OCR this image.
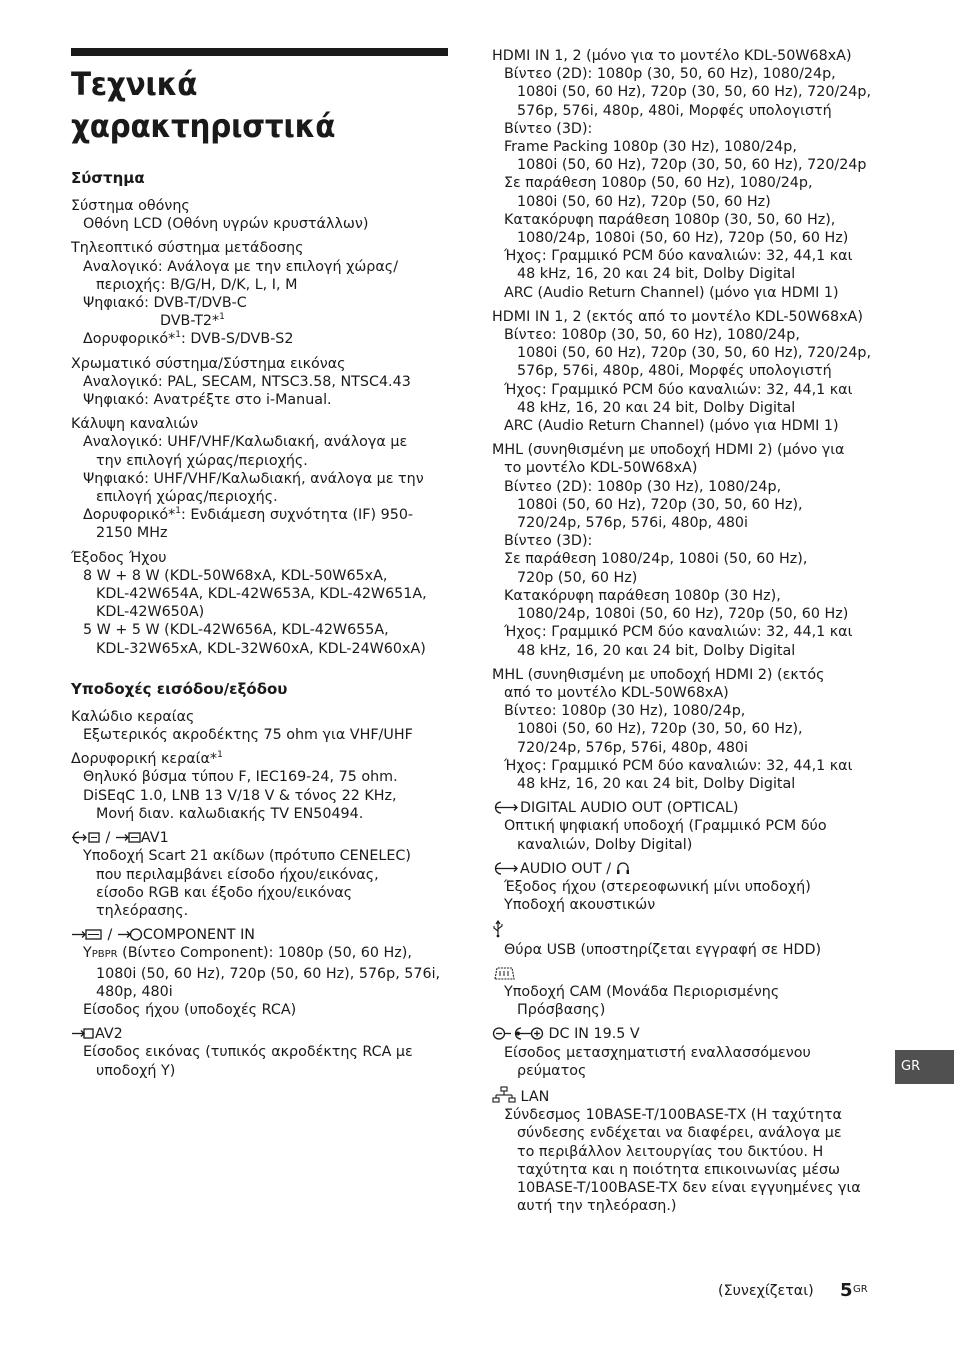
Τεχνικά
χαρακτηριστικά
Σύστημα
Σύστημα οθόνης
Οθόνη LCD (Οθόνη υγρών κρυστάλλων)
Τηλεοπτικό σύστημα μετάδοσης
Αναλογικό: Ανάλογα με την επιλογή χώρας/
περιοχής: B/G/H, D/K, L, I, M
Ψηφιακό: DVB-T/DVB-C
DVB-T2*$^1$
Δορυφορικό*$^1$: DVB-S/DVB-S2
Χρωματικό σύστημα/Σύστημα εικόνας
Αναλογικό: PAL, SECAM, NTSC3.58, NTSC4.43
Ψηφιακό: Ανατρέξτε στο i-Manual.
Κάλυψη καναλιών
Αναλογικό: UHF/VHF/Καλωδιακή, ανάλογα με
την επιλογή χώρας/περιοχής.
Ψηφιακό: UHF/VHF/Καλωδιακή, ανάλογα με την
επιλογή χώρας/περιοχής.
Δορυφορικό*$^1$: Ενδιάμεση συχνότητα (IF) 950-
2150 MHz
Έξοδος Ήχου
8 W + 8 W (KDL-50W68xA, KDL-50W65xA,
KDL-42W654A, KDL-42W653A, KDL-42W651A,
KDL-42W650A)
5 W + 5 W (KDL-42W656A, KDL-42W655A,
KDL-32W65xA, KDL-32W60xA, KDL-24W60xA)
Υποδοχές εισόδου/εξόδου
Καλώδιο κεραίας
Εξωτερικός ακροδέκτης 75 ohm για VHF/UHF
Δορυφορική κεραία*$^1$
Θηλυκό βύσμα τύπου F, IEC169-24, 75 ohm.
DiSEqC 1.0, LNB 13 V/18 V & τόνος 22 KHz,
Μονή διαν. καλωδιακής TV EN50494.
/ AV1
Υποδοχή Scart 21 ακίδων (πρότυπο CENELEC)
που περιλαμβάνει είσοδο ήχου/εικόνας,
είσοδο RGB και έξοδο ήχου/εικόνας
τηλεόρασης.
/ COMPONENT IN
YPBPR (Βίντεο Component): 1080p (50, 60 Hz),
1080i (50, 60 Hz), 720p (50, 60 Hz), 576p, 576i,
480p, 480i
Είσοδος ήχου (υποδοχές RCA)
AV2
Είσοδος εικόνας (τυπικός ακροδέκτης RCA με
υποδοχή Y)
HDMI IN 1, 2 (μόνο για το μοντέλο KDL-50W68xA)
Βίντεο (2D): 1080p (30, 50, 60 Hz), 1080/24p,
1080i (50, 60 Hz), 720p (30, 50, 60 Hz), 720/24p,
576p, 576i, 480p, 480i, Μορφές υπολογιστή
Βίντεο (3D):
Frame Packing 1080p (30 Hz), 1080/24p,
1080i (50, 60 Hz), 720p (30, 50, 60 Hz), 720/24p
Σε παράθεση 1080p (50, 60 Hz), 1080/24p,
1080i (50, 60 Hz), 720p (50, 60 Hz)
Κατακόρυφη παράθεση 1080p (30, 50, 60 Hz),
1080/24p, 1080i (50, 60 Hz), 720p (50, 60 Hz)
Ήχος: Γραμμικό PCM δύο καναλιών: 32, 44,1 και
48 kHz, 16, 20 και 24 bit, Dolby Digital
ARC (Audio Return Channel) (μόνο για HDMI 1)
HDMI IN 1, 2 (εκτός από το μοντέλο KDL-50W68xA)
Βίντεο: 1080p (30, 50, 60 Hz), 1080/24p,
1080i (50, 60 Hz), 720p (30, 50, 60 Hz), 720/24p,
576p, 576i, 480p, 480i, Μορφές υπολογιστή
Ήχος: Γραμμικό PCM δύο καναλιών: 32, 44,1 και
48 kHz, 16, 20 και 24 bit, Dolby Digital
ARC (Audio Return Channel) (μόνο για HDMI 1)
MHL (συνηθισμένη με υποδοχή HDMI 2) (μόνο για
το μοντέλο KDL-50W68xA)
Βίντεο (2D): 1080p (30 Hz), 1080/24p,
1080i (50, 60 Hz), 720p (30, 50, 60 Hz),
720/24p, 576p, 576i, 480p, 480i
Βίντεο (3D):
Σε παράθεση 1080/24p, 1080i (50, 60 Hz),
720p (50, 60 Hz)
Κατακόρυφη παράθεση 1080p (30 Hz),
1080/24p, 1080i (50, 60 Hz), 720p (50, 60 Hz)
Ήχος: Γραμμικό PCM δύο καναλιών: 32, 44,1 και
48 kHz, 16, 20 και 24 bit, Dolby Digital
MHL (συνηθισμένη με υποδοχή HDMI 2) (εκτός
από το μοντέλο KDL-50W68xA)
Βίντεο: 1080p (30 Hz), 1080/24p,
1080i (50, 60 Hz), 720p (30, 50, 60 Hz),
720/24p, 576p, 576i, 480p, 480i
Ήχος: Γραμμικό PCM δύο καναλιών: 32, 44,1 και
48 kHz, 16, 20 και 24 bit, Dolby Digital
DIGITAL AUDIO OUT (OPTICAL)
Οπτική ψηφιακή υποδοχή (Γραμμικό PCM δύο
καναλιών, Dolby Digital)
AUDIO OUT /
Έξοδος ήχου (στερεοφωνική μίνι υποδοχή)
Υποδοχή ακουστικών
Θύρα USB (υποστηρίζεται εγγραφή σε HDD)
Υποδοχή CAM (Μονάδα Περιορισμένης
Πρόσβασης)
DC IN 19.5 V
Είσοδος μετασχηματιστή εναλλασσόμενου
ρεύματος
LAN
Σύνδεσμος 10BASE-T/100BASE-TX (Η ταχύτητα
σύνδεσης ενδέχεται να διαφέρει, ανάλογα με
το περιβάλλον λειτουργίας του δικτύου. Η
ταχύτητα και η ποιότητα επικοινωνίας μέσω
10BASE-T/100BASE-TX δεν είναι εγγυημένες για
αυτή την τηλεόραση.)
GR
(Συνεχίζεται) 5 GR
